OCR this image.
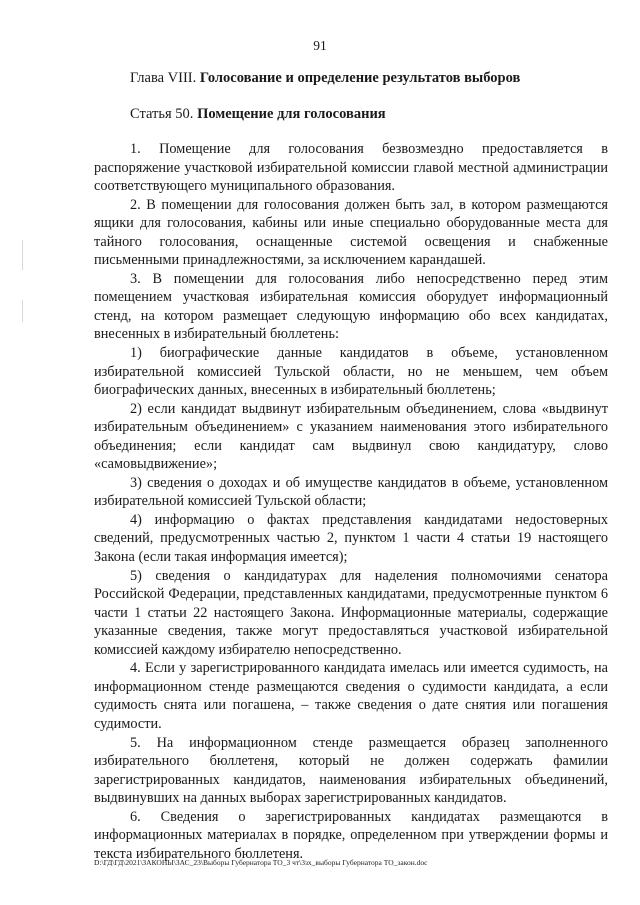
91
Глава VIII. Голосование и определение результатов выборов
Статья 50. Помещение для голосования

1. Помещение для голосования безвозмездно предоставляется в распоряжение участковой избирательной комиссии главой местной администрации соответствующего муниципального образования.

2. В помещении для голосования должен быть зал, в котором размещаются ящики для голосования, кабины или иные специально оборудованные места для тайного голосования, оснащенные системой освещения и снабженные письменными принадлежностями, за исключением карандашей.

3. В помещении для голосования либо непосредственно перед этим помещением участковая избирательная комиссия оборудует информационный стенд, на котором размещает следующую информацию обо всех кандидатах, внесенных в избирательный бюллетень:

1) биографические данные кандидатов в объеме, установленном избирательной комиссией Тульской области, но не меньшем, чем объем биографических данных, внесенных в избирательный бюллетень;

2) если кандидат выдвинут избирательным объединением, слова «выдвинут избирательным объединением» с указанием наименования этого избирательного объединения; если кандидат сам выдвинул свою кандидатуру, слово «самовыдвижение»;

3) сведения о доходах и об имуществе кандидатов в объеме, установленном избирательной комиссией Тульской области;

4) информацию о фактах представления кандидатами недостоверных сведений, предусмотренных частью 2, пунктом 1 части 4 статьи 19 настоящего Закона (если такая информация имеется);

5) сведения о кандидатурах для наделения полномочиями сенатора Российской Федерации, представленных кандидатами, предусмотренные пунктом 6 части 1 статьи 22 настоящего Закона. Информационные материалы, содержащие указанные сведения, также могут предоставляться участковой избирательной комиссией каждому избирателю непосредственно.

4. Если у зарегистрированного кандидата имелась или имеется судимость, на информационном стенде размещаются сведения о судимости кандидата, а если судимость снята или погашена, – также сведения о дате снятия или погашения судимости.

5. На информационном стенде размещается образец заполненного избирательного бюллетеня, который не должен содержать фамилии зарегистрированных кандидатов, наименования избирательных объединений, выдвинувших на данных выборах зарегистрированных кандидатов.

6. Сведения о зарегистрированных кандидатах размещаются в информационных материалах в порядке, определенном при утверждении формы и текста избирательного бюллетеня.

D:\ГД\ГД\2021\ЗАКОНЫ\ЗАС_23\Выборы Губернатора ТО_3 чт\3зх_выборы Губернатора ТО_закон.doc
